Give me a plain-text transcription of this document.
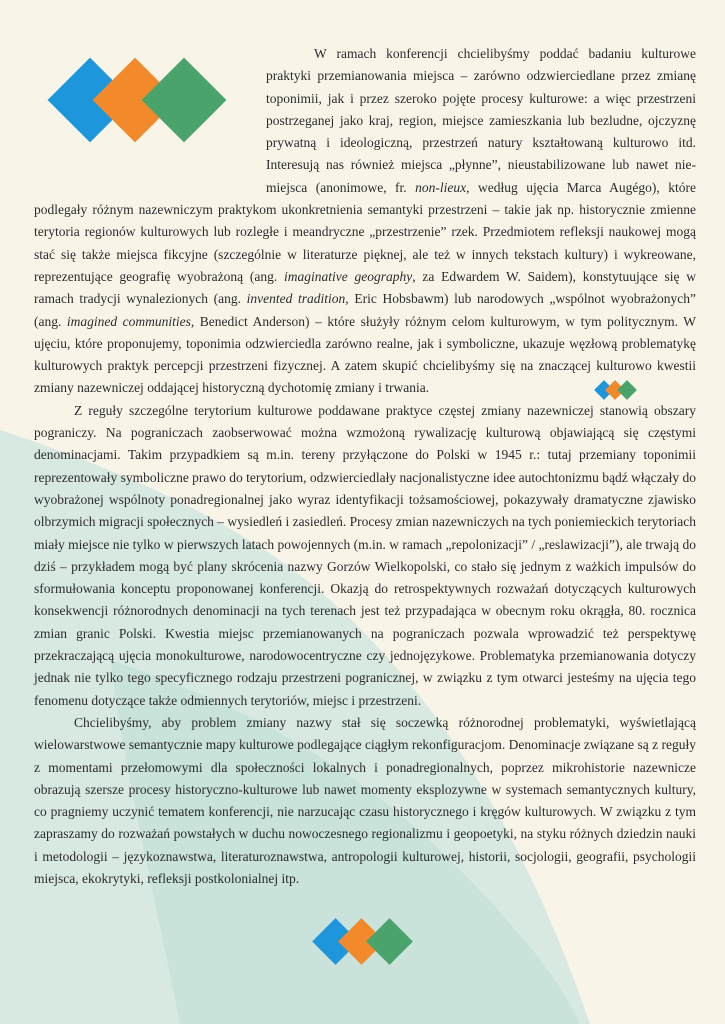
W ramach konferencji chcielibyśmy poddać badaniu kulturowe praktyki przemianowania miejsca – zarówno odzwierciedlane przez zmianę toponimii, jak i przez szeroko pojęte procesy kulturowe: a więc przestrzeni postrzeganej jako kraj, region, miejsce zamieszkania lub bezludne, ojczyznę prywatną i ideologiczną, przestrzeń natury kształtowaną kulturowo itd. Interesują nas również miejsca „płynne”, nieustabilizowane lub nawet nie-miejsca (anonimowe, fr. non-lieux, według ujęcia Marca Augégo), które podlegały różnym nazewniczym praktykom ukonkretnienia semantyki przestrzeni – takie jak np. historycznie zmienne terytoria regionów kulturowych lub rozległe i meandryczne „przestrzenie” rzek. Przedmiotem refleksji naukowej mogą stać się także miejsca fikcyjne (szczególnie w literaturze pięknej, ale też w innych tekstach kultury) i wykreowane, reprezentujące geografię wyobrażoną (ang. imaginative geography, za Edwardem W. Saidem), konstytuujące się w ramach tradycji wynalezionych (ang. invented tradition, Eric Hobsbawm) lub narodowych „wspólnot wyobrażonych” (ang. imagined communities, Benedict Anderson) – które służyły różnym celom kulturowym, w tym politycznym. W ujęciu, które proponujemy, toponimia odzwierciedla zarówno realne, jak i symboliczne, ukazuje węzłową problematykę kulturowych praktyk percepcji przestrzeni fizycznej. A zatem skupić chcielibyśmy się na znaczącej kulturowo kwestii zmiany nazewniczej oddającej historyczną dychotomię zmiany i trwania.

Z reguły szczególne terytorium kulturowe poddawane praktyce częstej zmiany nazewniczej stanowią obszary pograniczy. Na pograniczach zaobserwować można wzmożoną rywalizację kulturową objawiającą się częstymi denominacjami. Takim przypadkiem są m.in. tereny przyłączone do Polski w 1945 r.: tutaj przemiany toponimii reprezentowały symboliczne prawo do terytorium, odzwierciedlały nacjonalistyczne idee autochtonizmu bądź włączały do wyobrażonej wspólnoty ponadregionalnej jako wyraz identyfikacji tożsamościowej, pokazywały dramatyczne zjawisko olbrzymich migracji społecznych – wysiedleń i zasiedleń. Procesy zmian nazewniczych na tych poniemieckich terytoriach miały miejsce nie tylko w pierwszych latach powojennych (m.in. w ramach „repolonizacji” / „reslawizacji”), ale trwają do dziś – przykładem mogą być plany skrócenia nazwy Gorzów Wielkopolski, co stało się jednym z ważkich impulsów do sformułowania konceptu proponowanej konferencji. Okazją do retrospektywnych rozważań dotyczących kulturowych konsekwencji różnorodnych denominacji na tych terenach jest też przypadająca w obecnym roku okrągła, 80. rocznica zmian granic Polski. Kwestia miejsc przemianowanych na pograniczach pozwala wprowadzić też perspektywę przekraczającą ujęcia monokulturowe, narodowocentryczne czy jednojęzykowe. Problematyka przemianowania dotyczy jednak nie tylko tego specyficznego rodzaju przestrzeni pogranicznej, w związku z tym otwarci jesteśmy na ujęcia tego fenomenu dotyczące także odmiennych terytoriów, miejsc i przestrzeni.

Chcielibyśmy, aby problem zmiany nazwy stał się soczewką różnorodnej problematyki, wyświetlającą wielowarstwowe semantycznie mapy kulturowe podlegające ciągłym rekonfiguracjom. Denominacje związane są z reguły z momentami przełomowymi dla społeczności lokalnych i ponadregionalnych, poprzez mikrohistorie nazewnicze obrazują szersze procesy historyczno-kulturowe lub nawet momenty eksplozywne w systemach semantycznych kultury, co pragniemy uczynić tematem konferencji, nie narzucając czasu historycznego i kręgów kulturowych. W związku z tym zapraszamy do rozważań powstałych w duchu nowoczesnego regionalizmu i geopoetyki, na styku różnych dziedzin nauki i metodologii – językoznawstwa, literaturoznawstwa, antropologii kulturowej, historii, socjologii, geografii, psychologii miejsca, ekokrytyki, refleksji postkolonialnej itp.
